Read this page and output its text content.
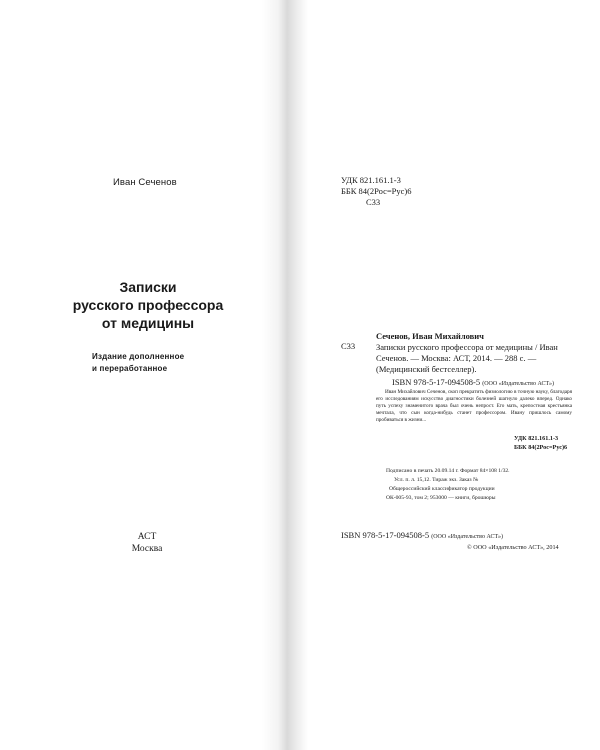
Иван Сеченов
Записки
русского профессора
от медицины
Издание дополненное
и переработанное
АСТ
Москва
УДК 821.161.1-3
ББК 84(2Рос=Рус)6
С33
С33
Сеченов, Иван Михайлович
Записки русского профессора от медицины / Иван Сеченов. — Москва: АСТ, 2014. — 288 с. — (Медицинский бестселлер).
ISBN 978-5-17-094508-5 (ООО «Издательство АСТ»)
Иван Михайлович Сеченов, скоп прекратить физиологию в точную науку, благодаря его исследованиям искусство диагностики болезней шагнуло далеко вперед. Однако путь успеху знаменитого врача был очень непрост. Его мать, крепостная крестьянка мечтала, что сын когда-нибудь станет профессором. Ивану пришлось самому пробиваться в жизни...
УДК 821.161.1-3
ББК 84(2Рос=Рус)6
Подписано в печать 20.09.14 г. Формат 84×108 1/32.
Усл. п. л. 15,12. Тираж экз. Заказ №
Общероссийский классификатор продукции
ОК-005-93, том 2; 953000 — книги, брошюры
ISBN 978-5-17-094508-5 (ООО «Издательство АСТ»)
© ООО «Издательство АСТ», 2014
